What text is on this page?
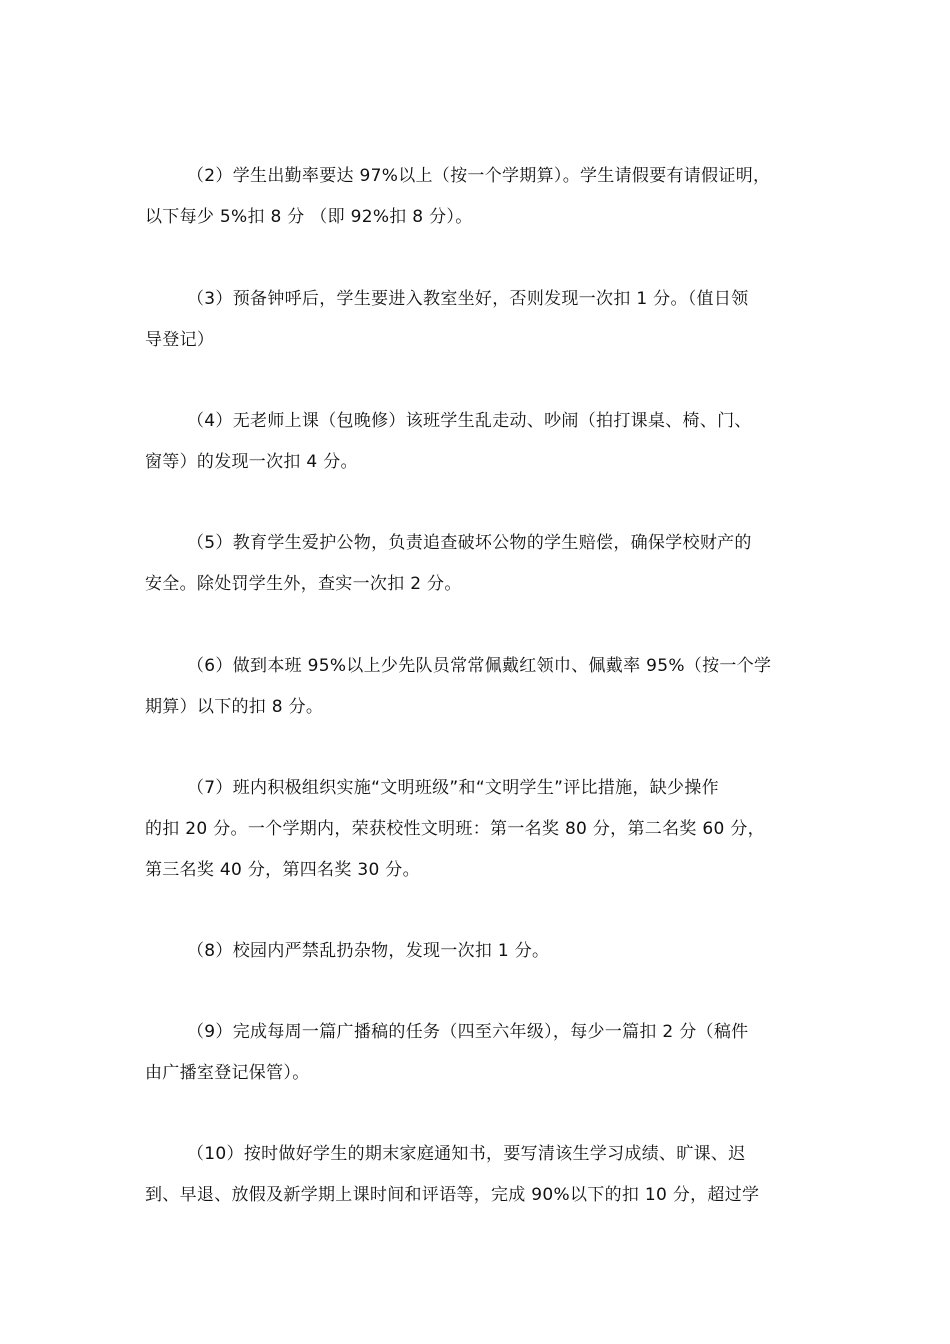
（2）学生出勤率要达 97%以上（按一个学期算）。学生请假要有请假证明，
以下每少 5%扣 8 分 （即 92%扣 8 分）。
（3）预备钟呼后，学生要进入教室坐好，否则发现一次扣 1 分。（值日领
导登记）
（4）无老师上课（包晚修）该班学生乱走动、吵闹（拍打课桌、椅、门、
窗等）的发现一次扣 4 分。
（5）教育学生爱护公物，负责追查破坏公物的学生赔偿，确保学校财产的
安全。除处罚学生外，查实一次扣 2 分。
（6）做到本班 95%以上少先队员常常佩戴红领巾、佩戴率 95%（按一个学
期算）以下的扣 8 分。
（7）班内积极组织实施“文明班级”和“文明学生”评比措施，缺少操作
的扣 20 分。一个学期内，荣获校性文明班：第一名奖 80 分，第二名奖 60 分，
第三名奖 40 分，第四名奖 30 分。
（8）校园内严禁乱扔杂物，发现一次扣 1 分。
（9）完成每周一篇广播稿的任务（四至六年级），每少一篇扣 2 分（稿件
由广播室登记保管）。
（10）按时做好学生的期末家庭通知书，要写清该生学习成绩、旷课、迟
到、早退、放假及新学期上课时间和评语等，完成 90%以下的扣 10 分，超过学
